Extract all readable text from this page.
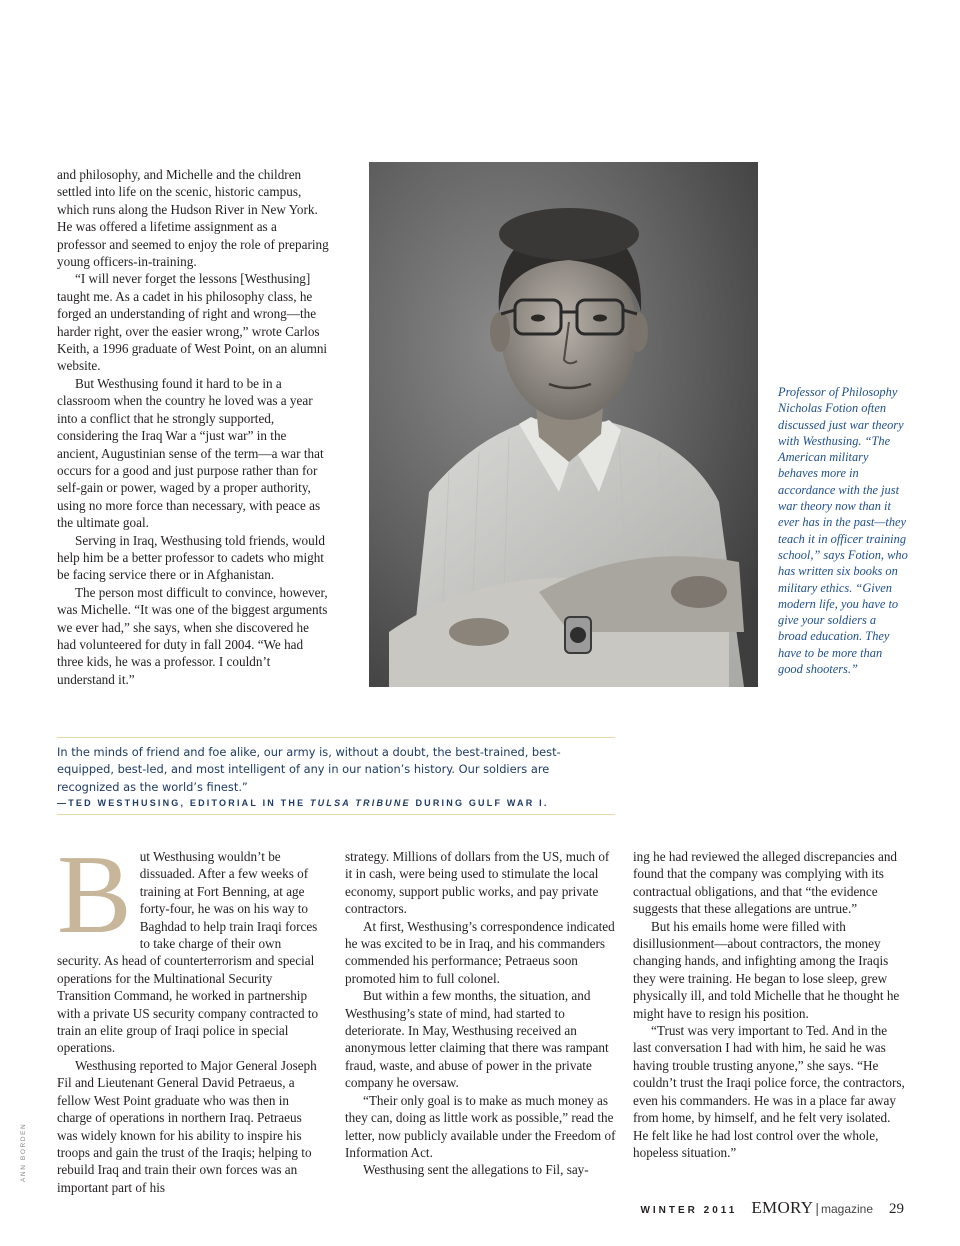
and philosophy, and Michelle and the children settled into life on the scenic, historic campus, which runs along the Hudson River in New York. He was offered a lifetime assignment as a professor and seemed to enjoy the role of preparing young officers-in-training.

“I will never forget the lessons [Westhusing] taught me. As a cadet in his philosophy class, he forged an understanding of right and wrong—the harder right, over the easier wrong,” wrote Carlos Keith, a 1996 graduate of West Point, on an alumni website.

But Westhusing found it hard to be in a classroom when the country he loved was a year into a conflict that he strongly supported, considering the Iraq War a “just war” in the ancient, Augustinian sense of the term—a war that occurs for a good and just purpose rather than for self-gain or power, waged by a proper authority, using no more force than necessary, with peace as the ultimate goal.

Serving in Iraq, Westhusing told friends, would help him be a better professor to cadets who might be facing service there or in Afghanistan.

The person most difficult to convince, however, was Michelle. “It was one of the biggest arguments we ever had,” she says, when she discovered he had volunteered for duty in fall 2004. “We had three kids, he was a professor. I couldn’t understand it.”

Professor of Philosophy Nicholas Fotion often discussed just war theory with Westhusing. “The American military behaves more in accordance with the just war theory now than it ever has in the past—they teach it in officer training school,” says Fotion, who has written six books on military ethics. “Given modern life, you have to give your soldiers a broad education. They have to be more than good shooters.”

In the minds of friend and foe alike, our army is, without a doubt, the best-trained, best-equipped, best-led, and most intelligent of any in our nation’s history. Our soldiers are recognized as the world’s finest.”

—TED WESTHUSING, EDITORIAL IN THE TULSA TRIBUNE DURING GULF WAR I.
B ut Westhusing wouldn’t be dissuaded. After a few weeks of training at Fort Benning, at age forty-four, he was on his way to Baghdad to help train Iraqi forces to take charge of their own security. As head of counterterrorism and special operations for the Multinational Security Transition Command, he worked in partnership with a private US security company contracted to train an elite group of Iraqi police in special operations.

Westhusing reported to Major General Joseph Fil and Lieutenant General David Petraeus, a fellow West Point graduate who was then in charge of operations in northern Iraq. Petraeus was widely known for his ability to inspire his troops and gain the trust of the Iraqis; helping to rebuild Iraq and train their own forces was an important part of his

strategy. Millions of dollars from the US, much of it in cash, were being used to stimulate the local economy, support public works, and pay private contractors.

At first, Westhusing’s correspondence indicated he was excited to be in Iraq, and his commanders commended his performance; Petraeus soon promoted him to full colonel.

But within a few months, the situation, and Westhusing’s state of mind, had started to deteriorate. In May, Westhusing received an anonymous letter claiming that there was rampant fraud, waste, and abuse of power in the private company he oversaw.

“Their only goal is to make as much money as they can, doing as little work as possible,” read the letter, now publicly available under the Freedom of Information Act.

Westhusing sent the allegations to Fil, say-

ing he had reviewed the alleged discrepancies and found that the company was complying with its contractual obligations, and that “the evidence suggests that these allegations are untrue.”

But his emails home were filled with disillusionment—about contractors, the money changing hands, and infighting among the Iraqis they were training. He began to lose sleep, grew physically ill, and told Michelle that he thought he might have to resign his position.

“Trust was very important to Ted. And in the last conversation I had with him, he said he was having trouble trusting anyone,” she says. “He couldn’t trust the Iraqi police force, the contractors, even his commanders. He was in a place far away from home, by himself, and he felt very isolated. He felt like he had lost control over the whole, hopeless situation.”

ANN BORDEN
WINTER 2011 EMORY | magazine 29
